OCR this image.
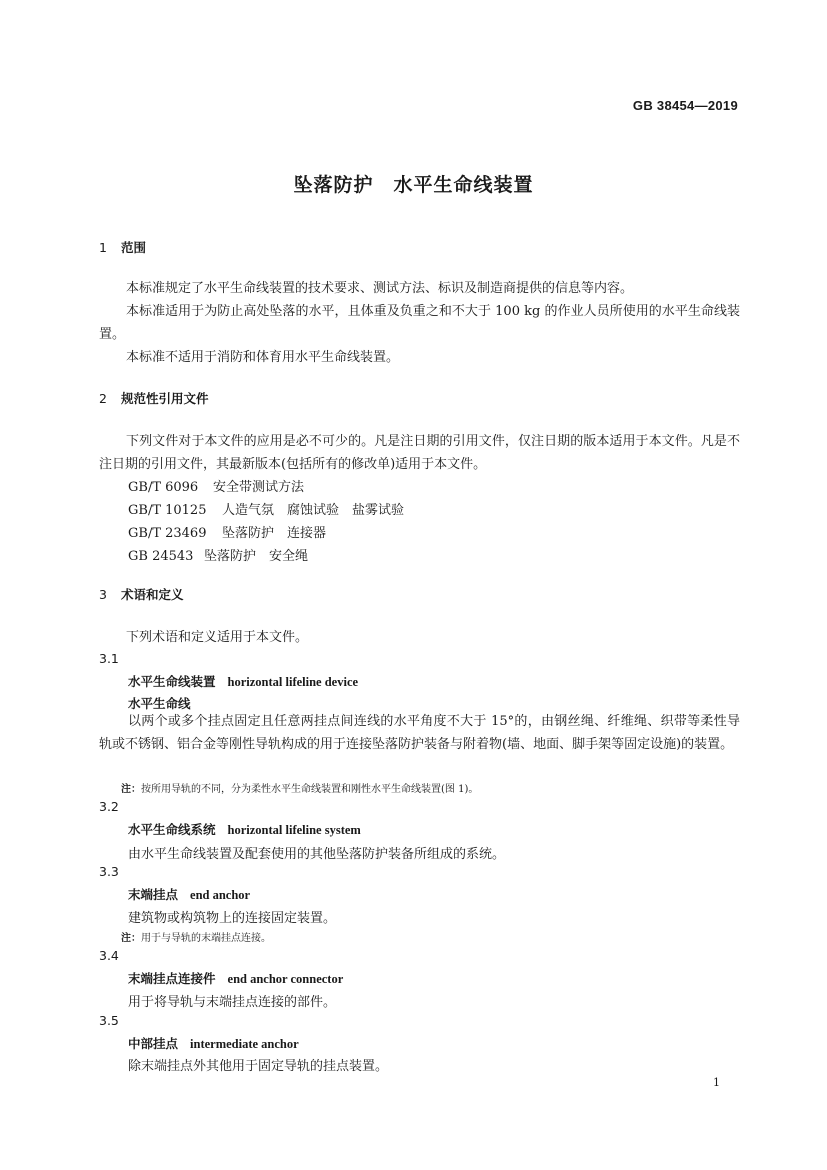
GB 38454—2019
坠落防护　水平生命线装置
1 范围
本标准规定了水平生命线装置的技术要求、测试方法、标识及制造商提供的信息等内容。
本标准适用于为防止高处坠落的水平，且体重及负重之和不大于 100 kg 的作业人员所使用的水平生命线装置。
本标准不适用于消防和体育用水平生命线装置。
2 规范性引用文件
下列文件对于本文件的应用是必不可少的。凡是注日期的引用文件，仅注日期的版本适用于本文件。凡是不注日期的引用文件，其最新版本(包括所有的修改单)适用于本文件。
GB/T 6096 安全带测试方法
GB/T 10125 人造气氛　腐蚀试验　盐雾试验
GB/T 23469 坠落防护　连接器
GB 24543 坠落防护　安全绳
3 术语和定义
下列术语和定义适用于本文件。
3.1
水平生命线装置 horizontal lifeline device
水平生命线
以两个或多个挂点固定且任意两挂点间连线的水平角度不大于 15°的，由钢丝绳、纤维绳、织带等柔性导轨或不锈钢、铝合金等刚性导轨构成的用于连接坠落防护装备与附着物(墙、地面、脚手架等固定设施)的装置。
注：按所用导轨的不同，分为柔性水平生命线装置和刚性水平生命线装置(图 1)。
3.2
水平生命线系统 horizontal lifeline system
由水平生命线装置及配套使用的其他坠落防护装备所组成的系统。
3.3
末端挂点 end anchor
建筑物或构筑物上的连接固定装置。
注：用于与导轨的末端挂点连接。
3.4
末端挂点连接件 end anchor connector
用于将导轨与末端挂点连接的部件。
3.5
中部挂点 intermediate anchor
除末端挂点外其他用于固定导轨的挂点装置。
1
